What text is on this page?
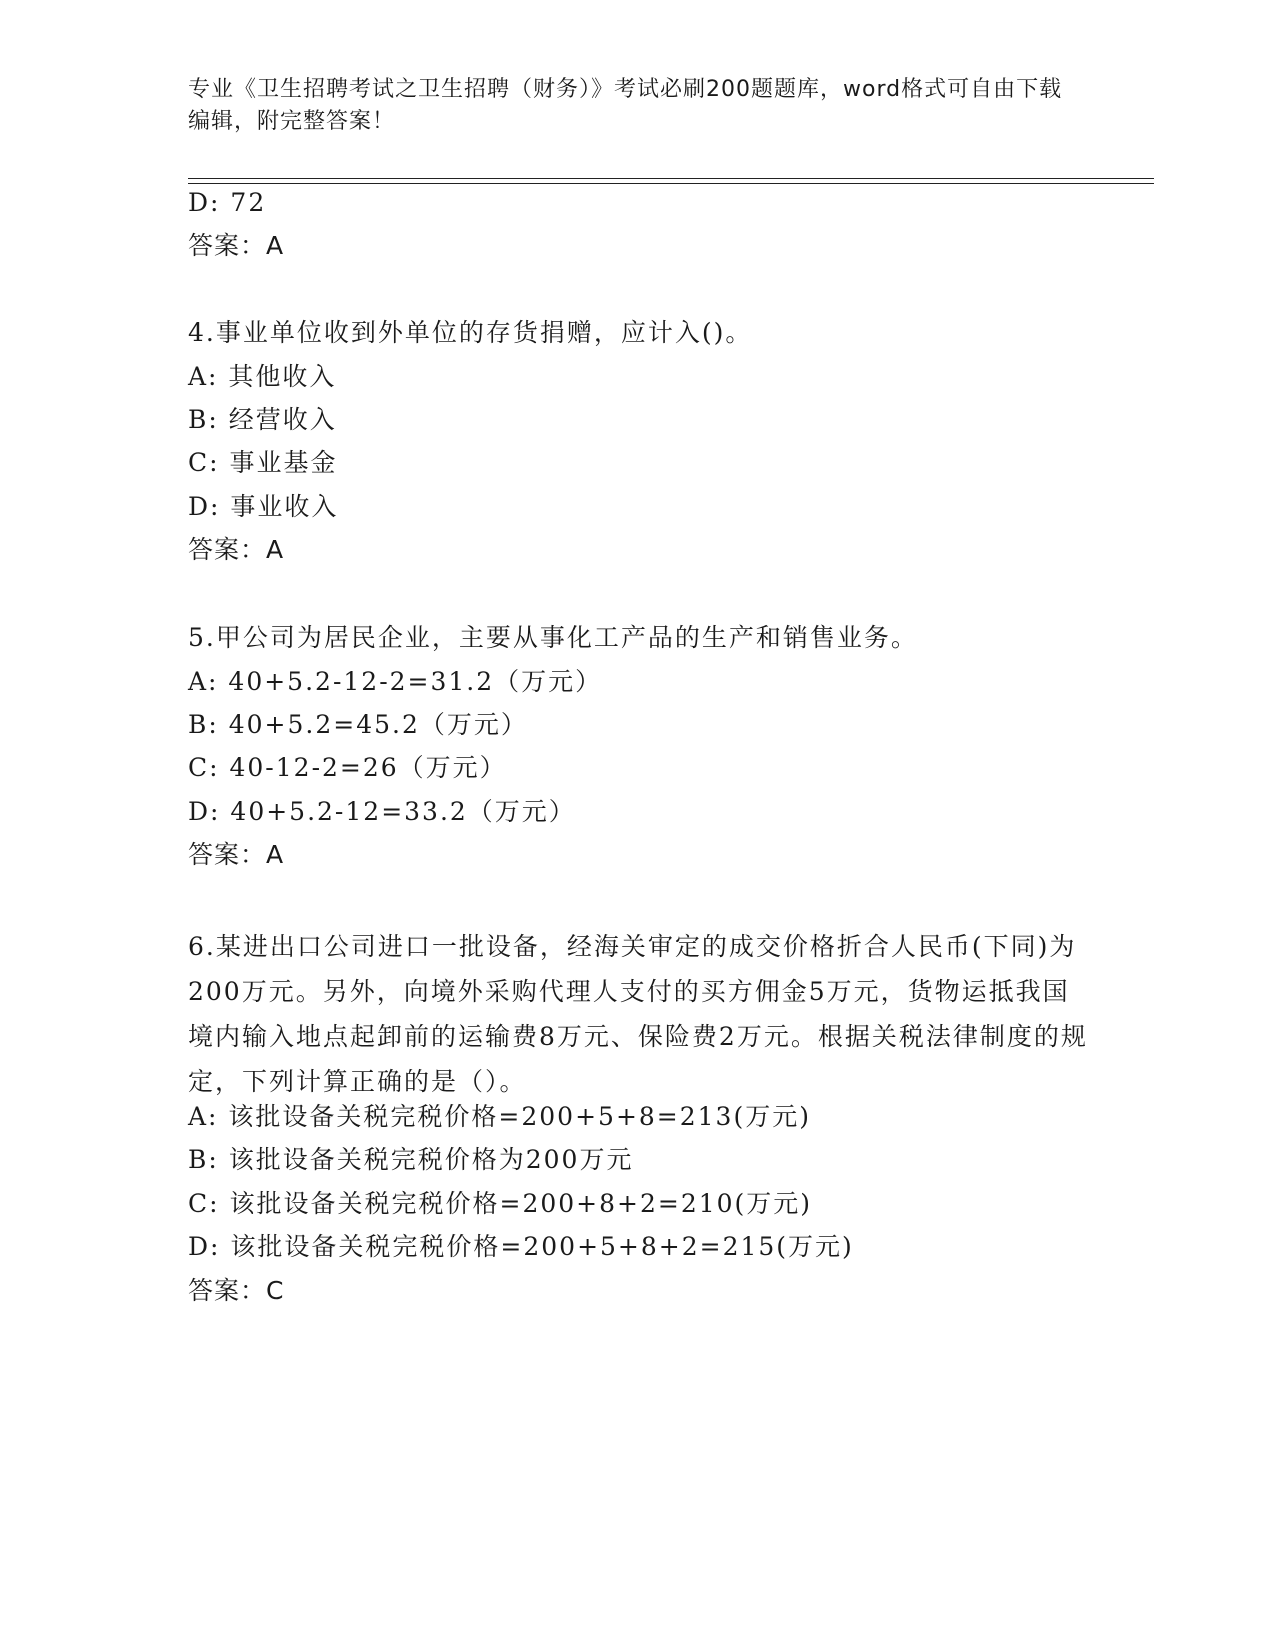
专业《卫生招聘考试之卫生招聘（财务）》考试必刷200题题库，word格式可自由下载编辑，附完整答案！
D: 72
答案：A
4.事业单位收到外单位的存货捐赠，应计入()。
A: 其他收入
B: 经营收入
C: 事业基金
D: 事业收入
答案：A
5.甲公司为居民企业，主要从事化工产品的生产和销售业务。
A: 40+5.2-12-2=31.2（万元）
B: 40+5.2=45.2（万元）
C: 40-12-2=26（万元）
D: 40+5.2-12=33.2（万元）
答案：A
6.某进出口公司进口一批设备，经海关审定的成交价格折合人民币(下同)为200万元。另外，向境外采购代理人支付的买方佣金5万元，货物运抵我国境内输入地点起卸前的运输费8万元、保险费2万元。根据关税法律制度的规定，下列计算正确的是（）。
A: 该批设备关税完税价格=200+5+8=213(万元)
B: 该批设备关税完税价格为200万元
C: 该批设备关税完税价格=200+8+2=210(万元)
D: 该批设备关税完税价格=200+5+8+2=215(万元)
答案：C
